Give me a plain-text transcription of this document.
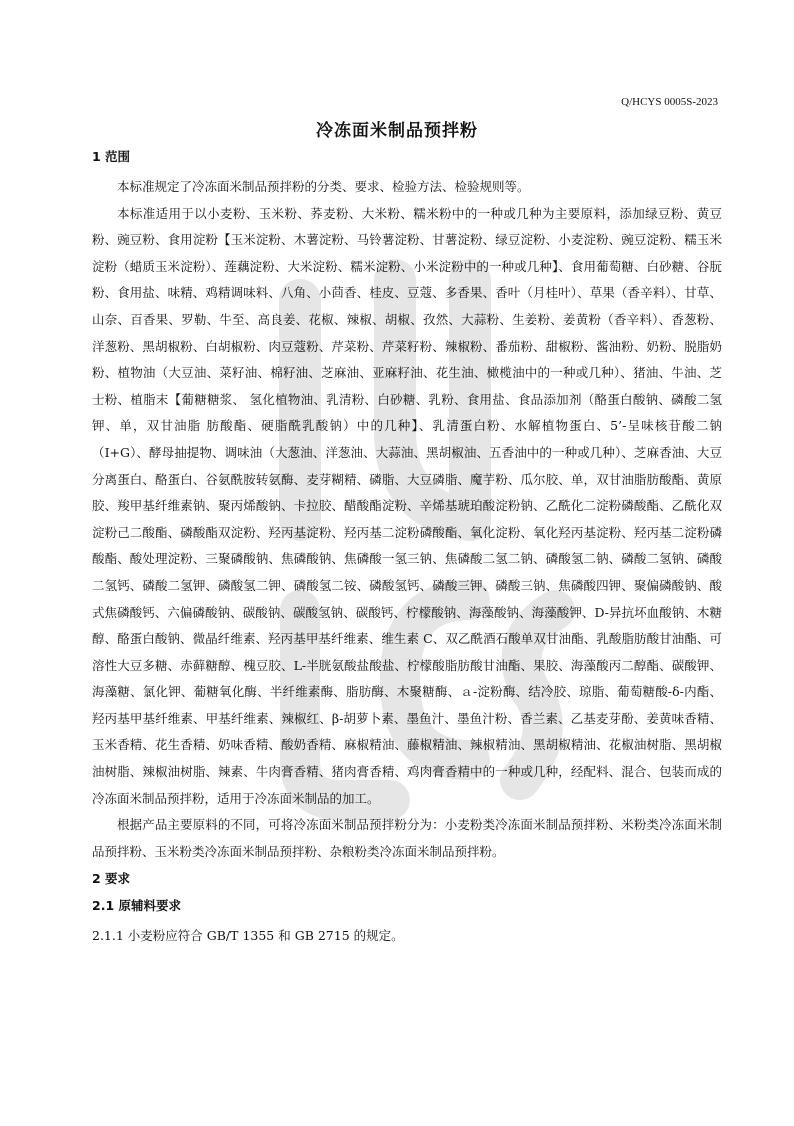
Q/HCYS 0005S-2023
冷冻面米制品预拌粉

1 范围

本标准规定了冷冻面米制品预拌粉的分类、要求、检验方法、检验规则等。

本标准适用于以小麦粉、玉米粉、荞麦粉、大米粉、糯米粉中的一种或几种为主要原料，添加绿豆粉、黄豆粉、豌豆粉、食用淀粉【玉米淀粉、木薯淀粉、马铃薯淀粉、甘薯淀粉、绿豆淀粉、小麦淀粉、豌豆淀粉、糯玉米淀粉（蜡质玉米淀粉）、莲藕淀粉、大米淀粉、糯米淀粉、小米淀粉中的一种或几种】、食用葡萄糖、白砂糖、谷朊粉、食用盐、味精、鸡精调味料、八角、小茴香、桂皮、豆蔻、多香果、香叶（月桂叶）、草果（香辛料）、甘草、山奈、百香果、罗勒、牛至、高良姜、花椒、辣椒、胡椒、孜然、大蒜粉、生姜粉、姜黄粉（香辛料）、香葱粉、洋葱粉、黑胡椒粉、白胡椒粉、肉豆蔻粉、芹菜粉、芹菜籽粉、辣椒粉、番茄粉、甜椒粉、酱油粉、奶粉、脱脂奶粉、植物油（大豆油、菜籽油、棉籽油、芝麻油、亚麻籽油、花生油、橄榄油中的一种或几种）、猪油、牛油、芝士粉、植脂末【葡糖糖浆、 氢化植物油、乳清粉、白砂糖、乳粉、食用盐、食品添加剂（酪蛋白酸钠、磷酸二氢钾、单，双甘油脂 肪酸酯、硬脂酰乳酸钠）中的几种】、乳清蛋白粉、水解植物蛋白、5’-呈味核苷酸二钠（I+G）、酵母抽提物、调味油（大葱油、洋葱油、大蒜油、黑胡椒油、五香油中的一种或几种）、芝麻香油、大豆分离蛋白、酪蛋白、谷氨酰胺转氨酶、麦芽糊精、磷脂、大豆磷脂、魔芋粉、瓜尔胶、单，双甘油脂肪酸酯、黄原胶、羧甲基纤维素钠、聚丙烯酸钠、卡拉胶、醋酸酯淀粉、辛烯基琥珀酸淀粉钠、乙酰化二淀粉磷酸酯、乙酰化双淀粉己二酸酯、磷酸酯双淀粉、羟丙基淀粉、羟丙基二淀粉磷酸酯、氧化淀粉、氧化羟丙基淀粉、羟丙基二淀粉磷酸酯、酸处理淀粉、三聚磷酸钠、焦磷酸钠、焦磷酸一氢三钠、焦磷酸二氢二钠、磷酸氢二钠、磷酸二氢钠、磷酸二氢钙、磷酸二氢钾、磷酸氢二钾、磷酸氢二铵、磷酸氢钙、磷酸三钾、磷酸三钠、焦磷酸四钾、聚偏磷酸钠、酸式焦磷酸钙、六偏磷酸钠、碳酸钠、碳酸氢钠、碳酸钙、柠檬酸钠、海藻酸钠、海藻酸钾、D-异抗坏血酸钠、木糖醇、酪蛋白酸钠、微晶纤维素、羟丙基甲基纤维素、维生素 C、双乙酰酒石酸单双甘油酯、乳酸脂肪酸甘油酯、可溶性大豆多糖、赤藓糖醇、槐豆胶、L-半胱氨酸盐酸盐、柠檬酸脂肪酸甘油酯、果胶、海藻酸丙二醇酯、碳酸钾、海藻糖、氯化钾、葡糖氧化酶、半纤维素酶、脂肪酶、木聚糖酶、ａ-淀粉酶、结冷胶、琼脂、葡萄糖酸-δ-内酯、羟丙基甲基纤维素、甲基纤维素、辣椒红、β-胡萝卜素、墨鱼汁、墨鱼汁粉、香兰素、乙基麦芽酚、姜黄味香精、玉米香精、花生香精、奶味香精、酸奶香精、麻椒精油、藤椒精油、辣椒精油、黑胡椒精油、花椒油树脂、黑胡椒油树脂、辣椒油树脂、辣素、牛肉膏香精、猪肉膏香精、鸡肉膏香精中的一种或几种，经配料、混合、包装而成的冷冻面米制品预拌粉，适用于冷冻面米制品的加工。

根据产品主要原料的不同，可将冷冻面米制品预拌粉分为：小麦粉类冷冻面米制品预拌粉、米粉类冷冻面米制品预拌粉、玉米粉类冷冻面米制品预拌粉、杂粮粉类冷冻面米制品预拌粉。

2 要求

2.1 原辅料要求

2.1.1 小麦粉应符合 GB/T 1355 和 GB 2715 的规定。
